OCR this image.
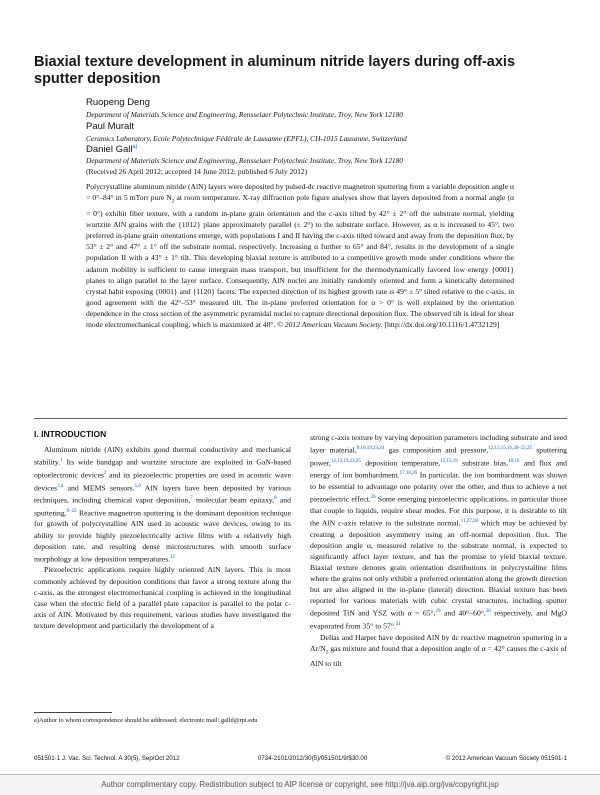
Biaxial texture development in aluminum nitride layers during off-axis sputter deposition
Ruopeng Deng
Department of Materials Science and Engineering, Rensselaer Polytechnic Institute, Troy, New York 12180
Paul Muralt
Ceramics Laboratory, Ecole Polytechnique Fédérale de Lausanne (EPFL), CH-1015 Lausanne, Switzerland
Daniel Gall$^{a)}$
Department of Materials Science and Engineering, Rensselaer Polytechnic Institute, Troy, New York 12180
(Received 26 April 2012; accepted 14 June 2012; published 6 July 2012)
Polycrystalline aluminum nitride (AlN) layers were deposited by pulsed-dc reactive magnetron sputtering from a variable deposition angle α = 0°–84° in 5 mTorr pure $N_2$ at room temperature. X-ray diffraction pole figure analyses show that layers deposited from a normal angle (α = 0°) exhibit fiber texture, with a random in-plane grain orientation and the c-axis tilted by 42° ± 2° off the substrate normal, yielding wurtzite AlN grains with the {1012} plane approximately parallel (± 2°) to the substrate surface. However, as α is increased to 45°, two preferred in-plane grain orientations emerge, with populations I and II having the c-axis tilted toward and away from the deposition flux, by 53° ± 2° and 47° ± 1° off the substrate normal, respectively. Increasing α further to 65° and 84°, results in the development of a single population II with a 43° ± 1° tilt. This developing biaxial texture is attributed to a competitive growth mode under conditions where the adatom mobility is sufficient to cause intergrain mass transport, but insufficient for the thermodynamically favored low energy {0001} planes to align parallel to the layer surface. Consequently, AlN nuclei are initially randomly oriented and form a kinetically determined crystal habit exposing {0001} and {1120} facets. The expected direction of its highest growth rate is 49° ± 5° tilted relative to the c-axis, in good agreement with the 42°–53° measured tilt. The in-plane preferred orientation for α > 0° is well explained by the orientation dependence in the cross section of the asymmetric pyramidal nuclei to capture directional deposition flux. The observed tilt is ideal for shear mode electromechanical coupling, which is maximized at 48°. © 2012 American Vacuum Society. [http://dx.doi.org/10.1116/1.4732129]
I. INTRODUCTION

Aluminum nitride (AlN) exhibits good thermal conductivity and mechanical stability.$^1$ Its wide bandgap and wurtzite structure are exploited in GaN-based optoelectronic devices$^2$ and its piezoelectric properties are used in acoustic wave devices$^{3,4}$ and MEMS sensors.$^{5,6}$ AlN layers have been deposited by various techniques, including chemical vapor deposition,$^7$ molecular beam epitaxy,$^8$ and sputtering.$^{9-22}$ Reactive magnetron sputtering is the dominant deposition technique for growth of polycrystalline AlN used in acoustic wave devices, owing to its ability to provide highly piezoelectrically active films with a relatively high deposition rate, and resulting dense microstructures with smooth surface morphology at low deposition temperatures.$^{12}$

Piezoelectric applications require highly oriented AlN layers. This is most commonly achieved by deposition conditions that favor a strong texture along the c-axis, as the strongest electromechanical coupling is achieved in the longitudinal case when the electric field of a parallel plate capacitor is parallel to the polar c-axis of AlN. Motivated by this requirement, various studies have investigated the texture development and particularly the development of a

strong c-axis texture by varying deposition parameters including substrate and seed layer material,$^{9,10,19,23,24}$ gas composition and pressure,$^{12,13,15,16,20-22,25}$ sputtering power,$^{12,13,19,22,25}$ deposition temperature,$^{12,15,19}$ substrate bias,$^{10,16}$ and flux and energy of ion bombardment.$^{17,18,26}$ In particular, the ion bombardment was shown to be essential to advantage one polarity over the other, and thus to achieve a net piezoelectric effect.$^{26}$ Some emerging piezoelectric applications, in particular those that couple to liquids, require shear modes. For this purpose, it is desirable to tilt the AlN c-axis relative to the substrate normal,$^{11,27,28}$ which may be achieved by creating a deposition asymmetry using an off-normal deposition flux. The deposition angle α, measured relative to the substrate normal, is expected to significantly affect layer texture, and has the promise to yield biaxial texture. Biaxial texture denotes grain orientation distributions in polycrystalline films where the grains not only exhibit a preferred orientation along the growth direction but are also aligned in the in-plane (lateral) direction. Biaxial texture has been reported for various materials with cubic crystal structures, including sputter deposited TiN and YSZ with α = 65°,$^{29}$ and 40°–60°,$^{30}$ respectively, and MgO evaporated from 35° to 57°.$^{31}$

Dellas and Harper have deposited AlN by dc reactive magnetron sputtering in a $Ar/N_2$ gas mixture and found that a deposition angle of α = 42° causes the c-axis of AlN to tilt

a)Author to whom correspondence should be addressed; electronic mail: galld@rpi.edu
051501-1 J. Vac. Sci. Technol. A 30(5), Sep/Oct 2012	0734-2101/2012/30(5)/051501/9/$30.00	© 2012 American Vacuum Society 051501-1
Author complimentary copy. Redistribution subject to AIP license or copyright, see http://jva.aip.org/jva/copyright.jsp
